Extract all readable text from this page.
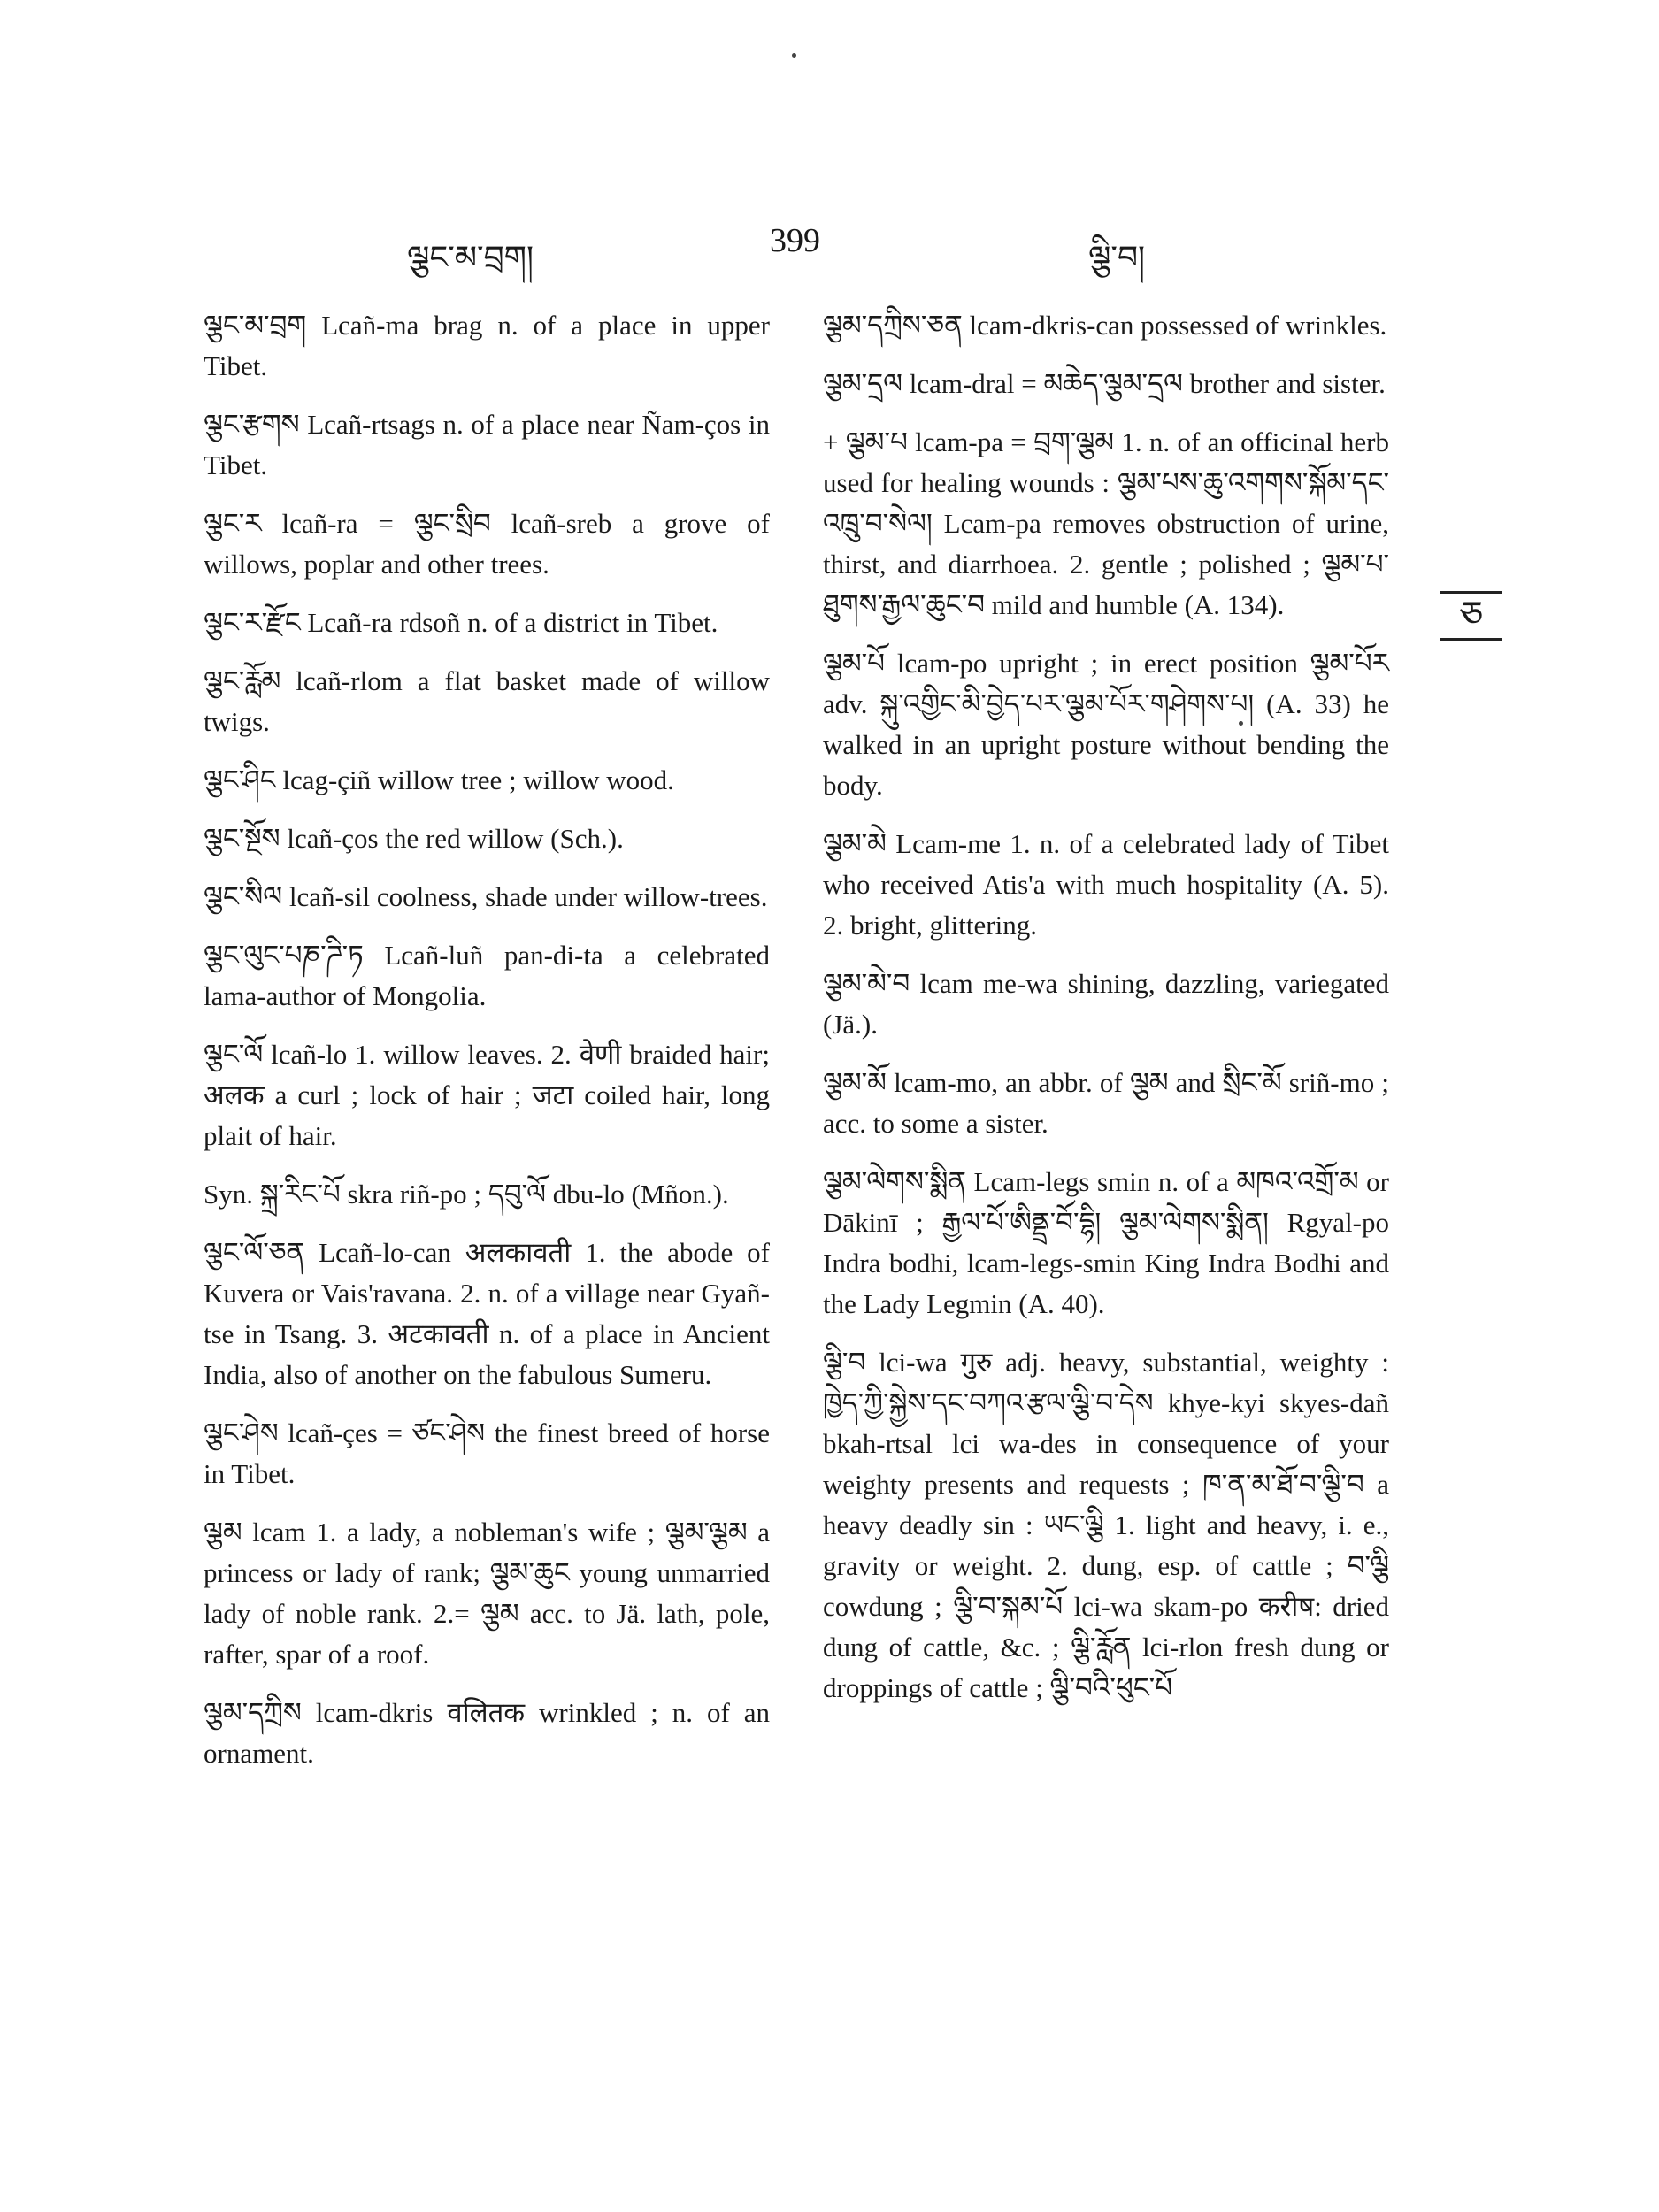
ལྕང་མ་བྲག།	399	ལྕི་བ།
ཅ

ལྕང་མ་བྲག Lcañ-ma brag n. of a place in upper Tibet.

ལྕང་རྩགས Lcañ-rtsags n. of a place near Ñam-ços in Tibet.

ལྕང་ར lcañ-ra = ལྕང་སྲིབ lcañ-sreb a grove of willows, poplar and other trees.

ལྕང་ར་རྫོང Lcañ-ra rdsoñ n. of a district in Tibet.

ལྕང་རློམ lcañ-rlom a flat basket made of willow twigs.

ལྕང་ཤིང lcag-çiñ willow tree ; willow wood.

ལྕང་སྔོས lcañ-ços the red willow (Sch.).

ལྕང་སིལ lcañ-sil coolness, shade under willow-trees.

ལྕང་ལུང་པཎ་ཌི་ཏ Lcañ-luñ pan-di-ta a celebrated lama-author of Mongolia.

ལྕང་ལོ lcañ-lo 1. willow leaves. 2. वेणी braided hair; अलक a curl ; lock of hair ; जटा coiled hair, long plait of hair.

Syn. སྐྲ་རིང་པོ skra riñ-po ; དབུ་ལོ dbu-lo (Mñon.).

ལྕང་ལོ་ཅན Lcañ-lo-can अलकावती 1. the abode of Kuvera or Vais'ravana. 2. n. of a village near Gyañ-tse in Tsang. 3. अटकावती n. of a place in Ancient India, also of another on the fabulous Sumeru.

ལྕང་ཤེས lcañ-çes = ཙང་ཤེས the finest breed of horse in Tibet.

ལྕམ lcam 1. a lady, a nobleman's wife ; ལྕམ་ལྕམ a princess or lady of rank; ལྕམ་ཆུང young unmarried lady of noble rank. 2.= ལྕམ acc. to Jä. lath, pole, rafter, spar of a roof.

ལྕམ་དཀྲིས lcam-dkris वलितक wrinkled ; n. of an ornament.

ལྕམ་དཀྲིས་ཅན lcam-dkris-can possessed of wrinkles.

ལྕམ་དྲལ lcam-dral = མཆེད་ལྕམ་དྲལ brother and sister.

+ ལྕམ་པ lcam-pa = བྲག་ལྕམ 1. n. of an officinal herb used for healing wounds : ལྕམ་པས་ཆུ་འགགས་སྐོམ་དང་འཁྲུ་བ་སེལ། Lcam-pa removes obstruction of urine, thirst, and diarrhoea. 2. gentle ; polished ; ལྕམ་པ་ཐུགས་རྒྱལ་ཆུང་བ mild and humble (A. 134).

ལྕམ་པོ lcam-po upright ; in erect position ལྕམ་པོར adv. སྐུ་འགྱིང་མི་བྱེད་པར་ལྕམ་པོར་གཤེགས་པ། (A. 33) he walked in an upright posture without bending the body.

ལྕམ་མེ Lcam-me 1. n. of a celebrated lady of Tibet who received Atis'a with much hospitality (A. 5). 2. bright, glittering.

ལྕམ་མེ་བ lcam me-wa shining, dazzling, variegated (Jä.).

ལྕམ་མོ lcam-mo, an abbr. of ལྕམ and སྲིང་མོ sriñ-mo ; acc. to some a sister.

ལྕམ་ལེགས་སྨིན Lcam-legs smin n. of a མཁའ་འགྲོ་མ or Dākinī ; རྒྱལ་པོ་ཨིནྡྲ་བོ་དྷི། ལྕམ་ལེགས་སྨིན། Rgyal-po Indra bodhi, lcam-legs-smin King Indra Bodhi and the Lady Legmin (A. 40).

ལྕི་བ lci-wa गुरु adj. heavy, substantial, weighty : ཁྱེད་ཀྱི་སྐྱེས་དང་བཀའ་རྩལ་ལྕི་བ་དེས khye-kyi skyes-dañ bkah-rtsal lci wa-des in consequence of your weighty presents and requests ; ཁ་ན་མ་ཐོ་བ་ལྕི་བ a heavy deadly sin : ཡང་ལྕི 1. light and heavy, i. e., gravity or weight. 2. dung, esp. of cattle ; བ་ལྕི cowdung ; ལྕི་བ་སྐམ་པོ lci-wa skam-po करीष: dried dung of cattle, &c. ; ལྕི་རློན lci-rlon fresh dung or droppings of cattle ; ལྕི་བའི་ཕུང་པོ
